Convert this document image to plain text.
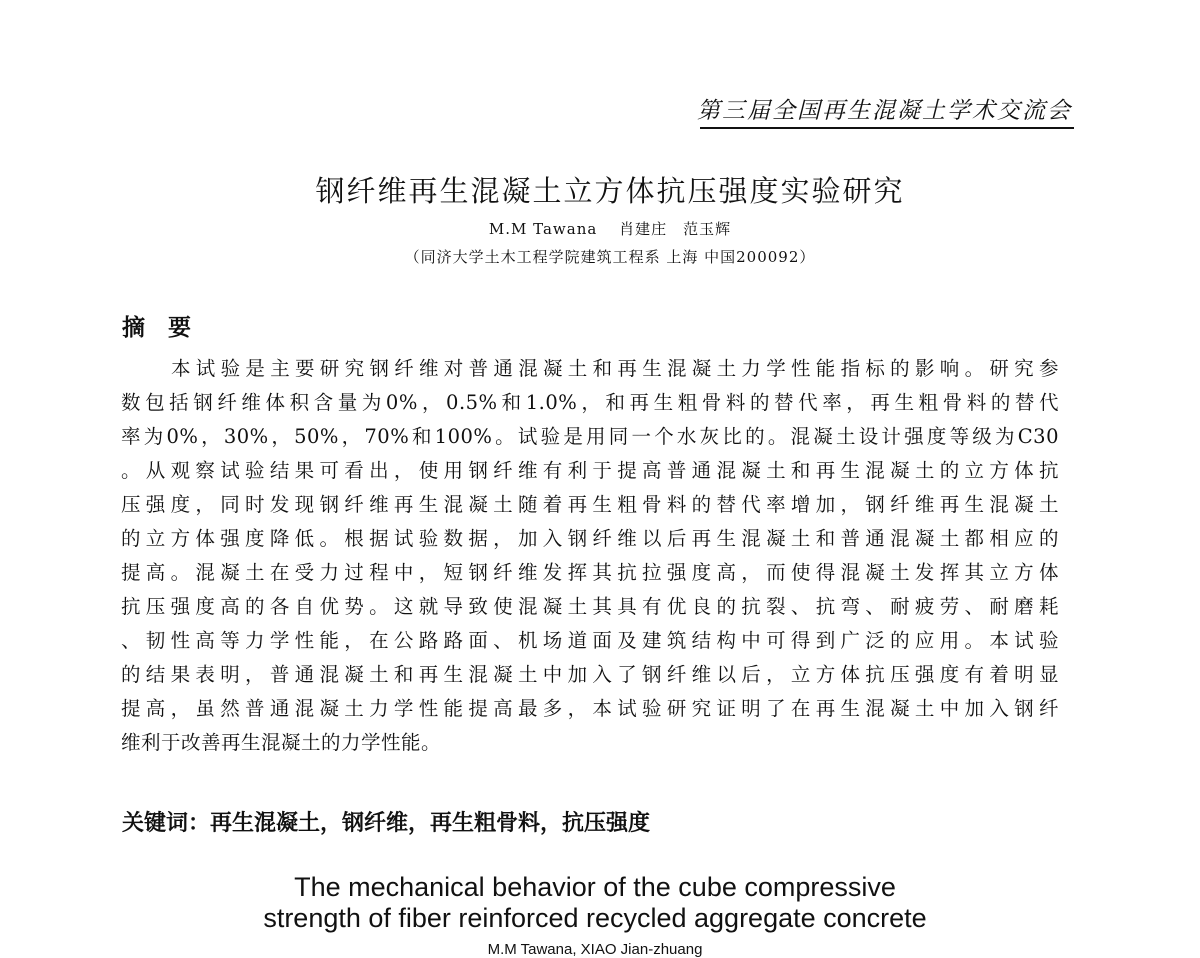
第三届全国再生混凝土学术交流会
钢纤维再生混凝土立方体抗压强度实验研究
M.M Tawana　 肖建庄　范玉辉
（同济大学土木工程学院建筑工程系 上海 中国200092）
摘　要
本试验是主要研究钢纤维对普通混凝土和再生混凝土力学性能指标的影响。研究参
数包括钢纤维体积含量为0%，0.5%和1.0%，和再生粗骨料的替代率，再生粗骨料的替代
率为0%，30%，50%，70%和100%。试验是用同一个水灰比的。混凝土设计强度等级为C30
。从观察试验结果可看出，使用钢纤维有利于提高普通混凝土和再生混凝土的立方体抗
压强度，同时发现钢纤维再生混凝土随着再生粗骨料的替代率增加，钢纤维再生混凝土
的立方体强度降低。根据试验数据，加入钢纤维以后再生混凝土和普通混凝土都相应的
提高。混凝土在受力过程中，短钢纤维发挥其抗拉强度高，而使得混凝土发挥其立方体
抗压强度高的各自优势。这就导致使混凝土其具有优良的抗裂、抗弯、耐疲劳、耐磨耗
、韧性高等力学性能，在公路路面、机场道面及建筑结构中可得到广泛的应用。本试验
的结果表明，普通混凝土和再生混凝土中加入了钢纤维以后，立方体抗压强度有着明显
提高，虽然普通混凝土力学性能提高最多，本试验研究证明了在再生混凝土中加入钢纤
维利于改善再生混凝土的力学性能。
关键词：再生混凝土，钢纤维，再生粗骨料，抗压强度
The mechanical behavior of the cube compressive
strength of fiber reinforced recycled aggregate concrete
M.M Tawana, XIAO Jian-zhuang
